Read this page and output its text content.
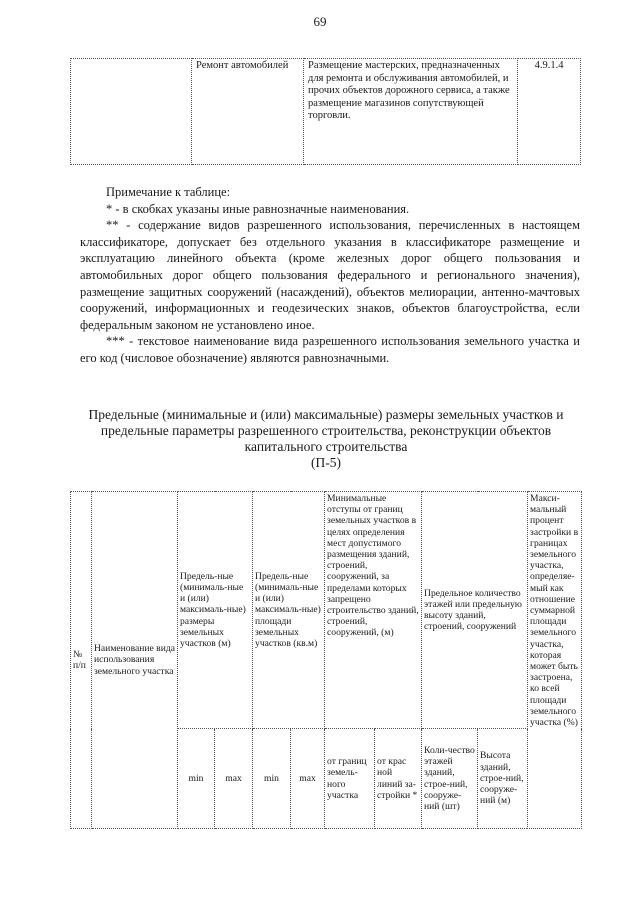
69
	Ремонт автомобилей	Размещение мастерских, предназначенных для ремонта и обслуживания автомобилей, и прочих объектов дорожного сервиса, а также размещение магазинов сопутствующей торговли.	4.9.1.4

Примечание к таблице:

* - в скобках указаны иные равнозначные наименования.

** - содержание видов разрешенного использования, перечисленных в настоящем классификаторе, допускает без отдельного указания в классификаторе размещение и эксплуатацию линейного объекта (кроме железных дорог общего пользования и автомобильных дорог общего пользования федерального и регионального значения), размещение защитных сооружений (насаждений), объектов мелиорации, антенно-мачтовых сооружений, информационных и геодезических знаков, объектов благоустройства, если федеральным законом не установлено иное.

*** - текстовое наименование вида разрешенного использования земельного участка и его код (числовое обозначение) являются равнозначными.

Предельные (минимальные и (или) максимальные) размеры земельных участков и
предельные параметры разрешенного строительства, реконструкции объектов
капитального строительства
(П-5)
№ п/п	Наименование вида использования земельного участка	Предель-ные (минималь-ные и (или) максималь-ные) размеры земельных участков (м)		Предель-ные (минималь-ные и (или) максималь-ные) площади земельных участков (кв.м)		Минимальные отступы от границ земельных участков в целях определения мест допустимого размещения зданий, строений, сооружений, за пределами которых запрещено строительство зданий, строений, сооружений, (м)		Предельное количество этажей или предельную высоту зданий, строений, сооружений		Макси-мальный процент застройки в границах земельного участка, определяе-мый как отношение суммарной площади земельного участка, которая может быть застроена, ко всей площади земельного участка (%)
		min	max	min	max	от границ земель-ного участка	от крас ной линий за-стройки *	Коли-чество этажей зданий, строе-ний, сооруже-ний (шт)	Высота зданий, строе-ний, сооруже-ний (м)	
